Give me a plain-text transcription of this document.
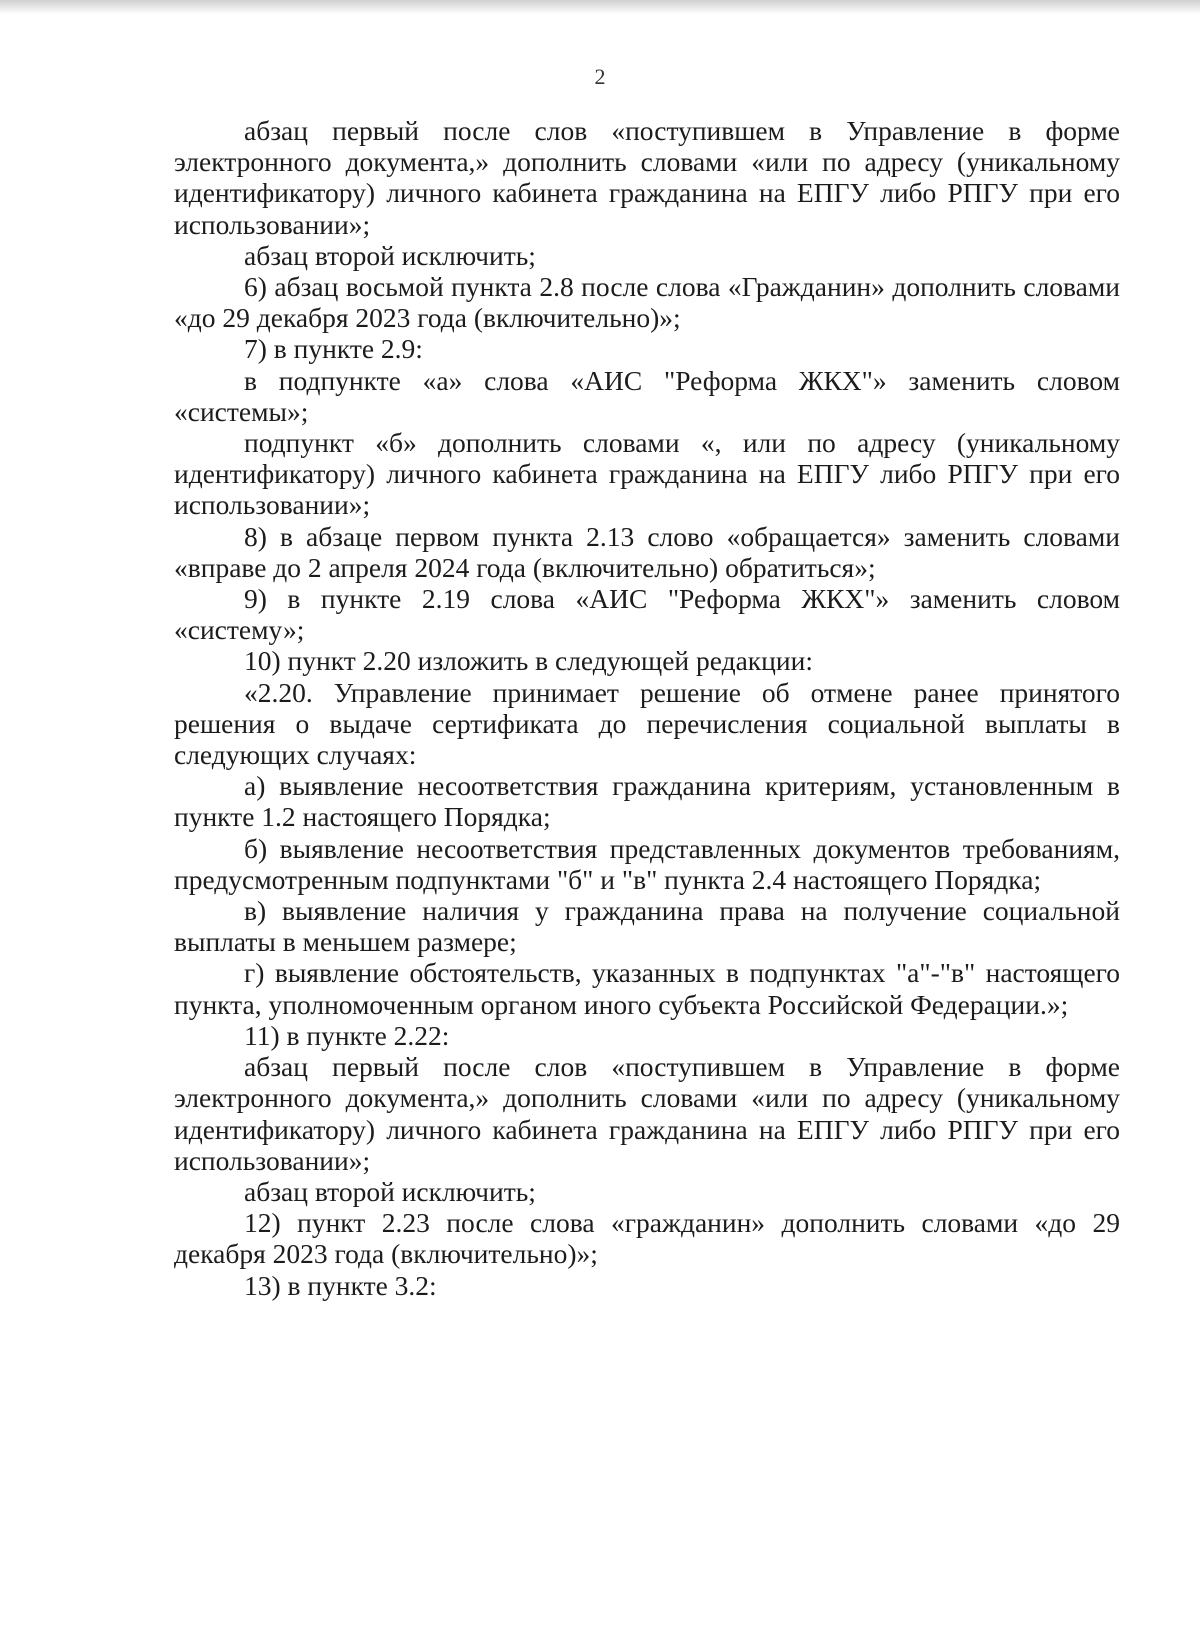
2

абзац первый после слов «поступившем в Управление в форме электронного документа,» дополнить словами «или по адресу (уникальному идентификатору) личного кабинета гражданина на ЕПГУ либо РПГУ при его использовании»;

абзац второй исключить;

6) абзац восьмой пункта 2.8 после слова «Гражданин» дополнить словами «до 29 декабря 2023 года (включительно)»;

7) в пункте 2.9:

в подпункте «а» слова «АИС "Реформа ЖКХ"» заменить словом «системы»;

подпункт «б» дополнить словами «, или по адресу (уникальному идентификатору) личного кабинета гражданина на ЕПГУ либо РПГУ при его использовании»;

8) в абзаце первом пункта 2.13 слово «обращается» заменить словами «вправе до 2 апреля 2024 года (включительно) обратиться»;

9) в пункте 2.19 слова «АИС "Реформа ЖКХ"» заменить словом «систему»;

10) пункт 2.20 изложить в следующей редакции:

«2.20. Управление принимает решение об отмене ранее принятого решения о выдаче сертификата до перечисления социальной выплаты в следующих случаях:

а) выявление несоответствия гражданина критериям, установленным в пункте 1.2 настоящего Порядка;

б) выявление несоответствия представленных документов требованиям, предусмотренным подпунктами "б" и "в" пункта 2.4 настоящего Порядка;

в) выявление наличия у гражданина права на получение социальной выплаты в меньшем размере;

г) выявление обстоятельств, указанных в подпунктах "а"-"в" настоящего пункта, уполномоченным органом иного субъекта Российской Федерации.»;

11) в пункте 2.22:

абзац первый после слов «поступившем в Управление в форме электронного документа,» дополнить словами «или по адресу (уникальному идентификатору) личного кабинета гражданина на ЕПГУ либо РПГУ при его использовании»;

абзац второй исключить;

12) пункт 2.23 после слова «гражданин» дополнить словами «до 29 декабря 2023 года (включительно)»;

13) в пункте 3.2:
